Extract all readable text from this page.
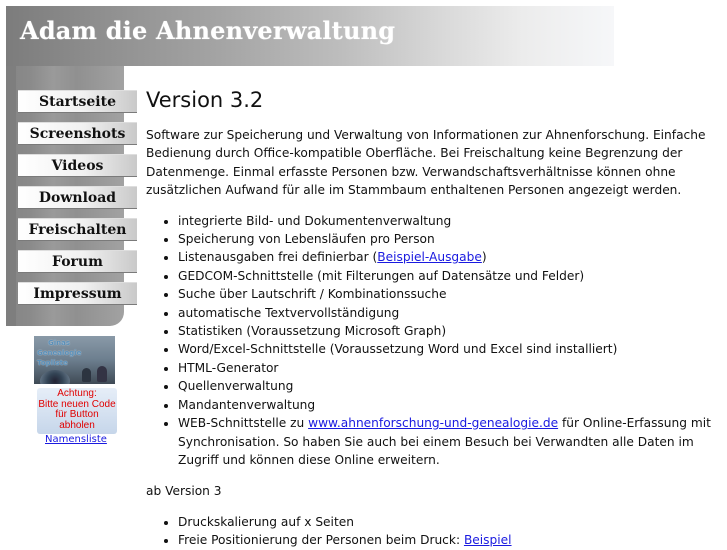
Adam die Ahnenverwaltung
Startseite
Screenshots
Videos
Download
Freischalten
Forum
Impressum
Ginas
Genealogie
Topliste
Achtung:
Bitte neuen Code
für Button
abholen
Namensliste
Version 3.2

Software zur Speicherung und Verwaltung von Informationen zur Ahnenforschung. Einfache Bedienung durch Office-kompatible Oberfläche. Bei Freischaltung keine Begrenzung der Datenmenge. Einmal erfasste Personen bzw. Verwandschaftsverhältnisse können ohne zusätzlichen Aufwand für alle im Stammbaum enthaltenen Personen angezeigt werden.

• integrierte Bild- und Dokumentenverwaltung
• Speicherung von Lebensläufen pro Person
• Listenausgaben frei definierbar (Beispiel-Ausgabe)
• GEDCOM-Schnittstelle (mit Filterungen auf Datensätze und Felder)
• Suche über Lautschrift / Kombinationssuche
• automatische Textvervollständigung
• Statistiken (Voraussetzung Microsoft Graph)
• Word/Excel-Schnittstelle (Voraussetzung Word und Excel sind installiert)
• HTML-Generator
• Quellenverwaltung
• Mandantenverwaltung
• WEB-Schnittstelle zu www.ahnenforschung-und-genealogie.de für Online-Erfassung mit Synchronisation. So haben Sie auch bei einem Besuch bei Verwandten alle Daten im Zugriff und können diese Online erweitern.

ab Version 3

• Druckskalierung auf x Seiten
• Freie Positionierung der Personen beim Druck: Beispiel
